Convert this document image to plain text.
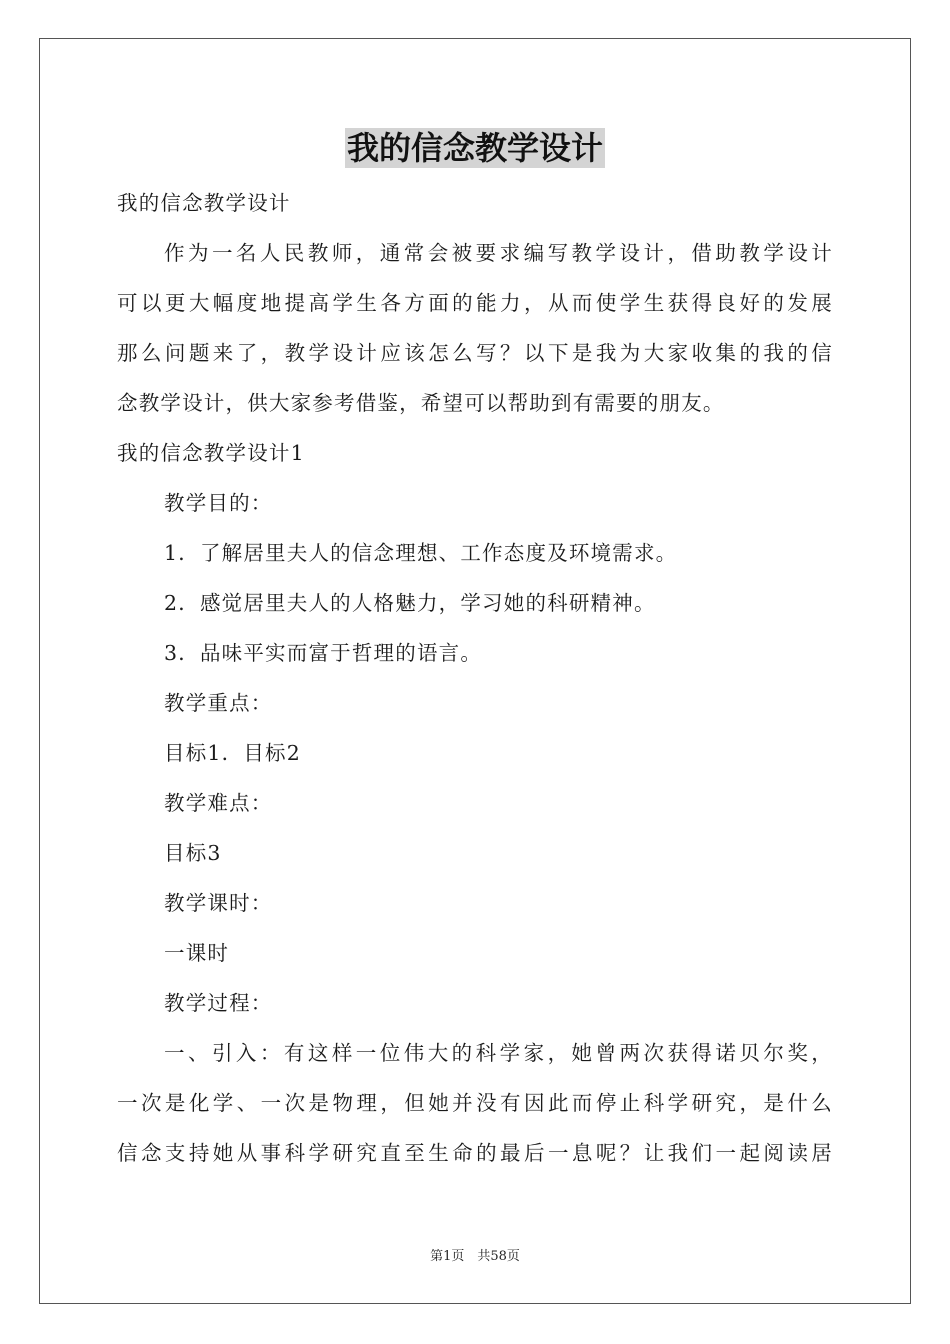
我的信念教学设计
我的信念教学设计
作为一名人民教师，通常会被要求编写教学设计，借助教学设计
可以更大幅度地提高学生各方面的能力，从而使学生获得良好的发展
那么问题来了，教学设计应该怎么写？以下是我为大家收集的我的信
念教学设计，供大家参考借鉴，希望可以帮助到有需要的朋友。
我的信念教学设计1
教学目的：
1．了解居里夫人的信念理想、工作态度及环境需求。
2．感觉居里夫人的人格魅力，学习她的科研精神。
3．品味平实而富于哲理的语言。
教学重点：
目标1．目标2
教学难点：
目标3
教学课时：
一课时
教学过程：
一、引入：有这样一位伟大的科学家，她曾两次获得诺贝尔奖，
一次是化学、一次是物理，但她并没有因此而停止科学研究，是什么
信念支持她从事科学研究直至生命的最后一息呢？让我们一起阅读居
第1页　共58页
